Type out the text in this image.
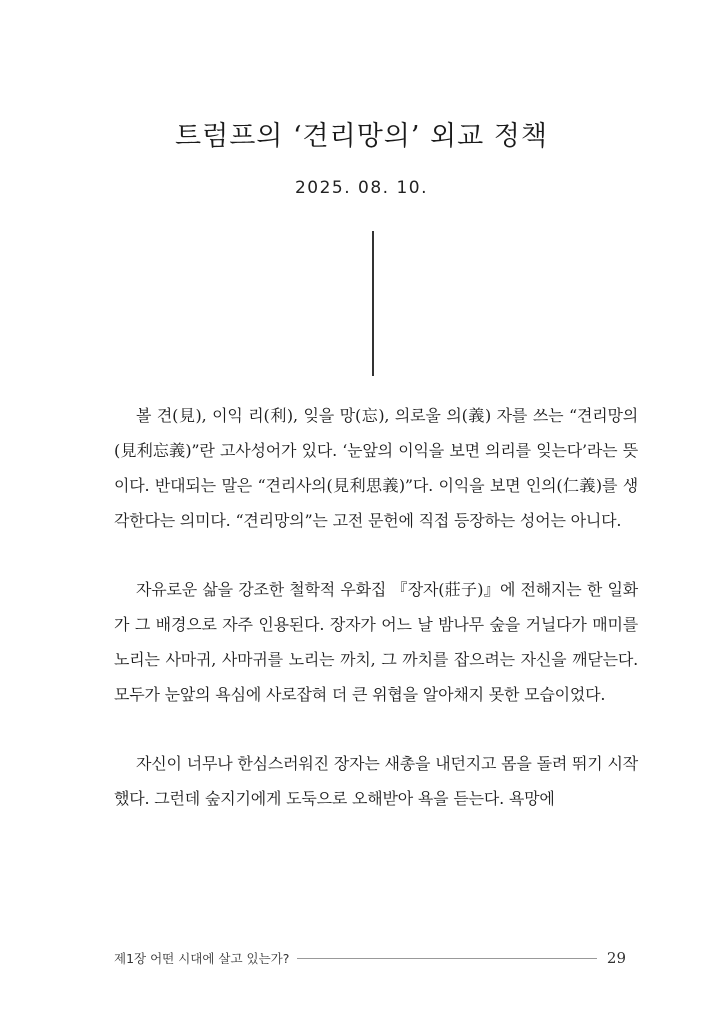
트럼프의 ‘견리망의’ 외교 정책
2025. 08. 10.

볼 견(見), 이익 리(利), 잊을 망(忘), 의로울 의(義) 자를 쓰는 “견리망의(見利忘義)”란 고사성어가 있다. ‘눈앞의 이익을 보면 의리를 잊는다’라는 뜻이다. 반대되는 말은 “견리사의(見利思義)”다. 이익을 보면 인의(仁義)를 생각한다는 의미다. “견리망의”는 고전 문헌에 직접 등장하는 성어는 아니다.

자유로운 삶을 강조한 철학적 우화집 『장자(莊子)』에 전해지는 한 일화가 그 배경으로 자주 인용된다. 장자가 어느 날 밤나무 숲을 거닐다가 매미를 노리는 사마귀, 사마귀를 노리는 까치, 그 까치를 잡으려는 자신을 깨닫는다. 모두가 눈앞의 욕심에 사로잡혀 더 큰 위협을 알아채지 못한 모습이었다.

자신이 너무나 한심스러워진 장자는 새총을 내던지고 몸을 돌려 뛰기 시작했다. 그런데 숲지기에게 도둑으로 오해받아 욕을 듣는다. 욕망에

제1장 어떤 시대에 살고 있는가?	29
